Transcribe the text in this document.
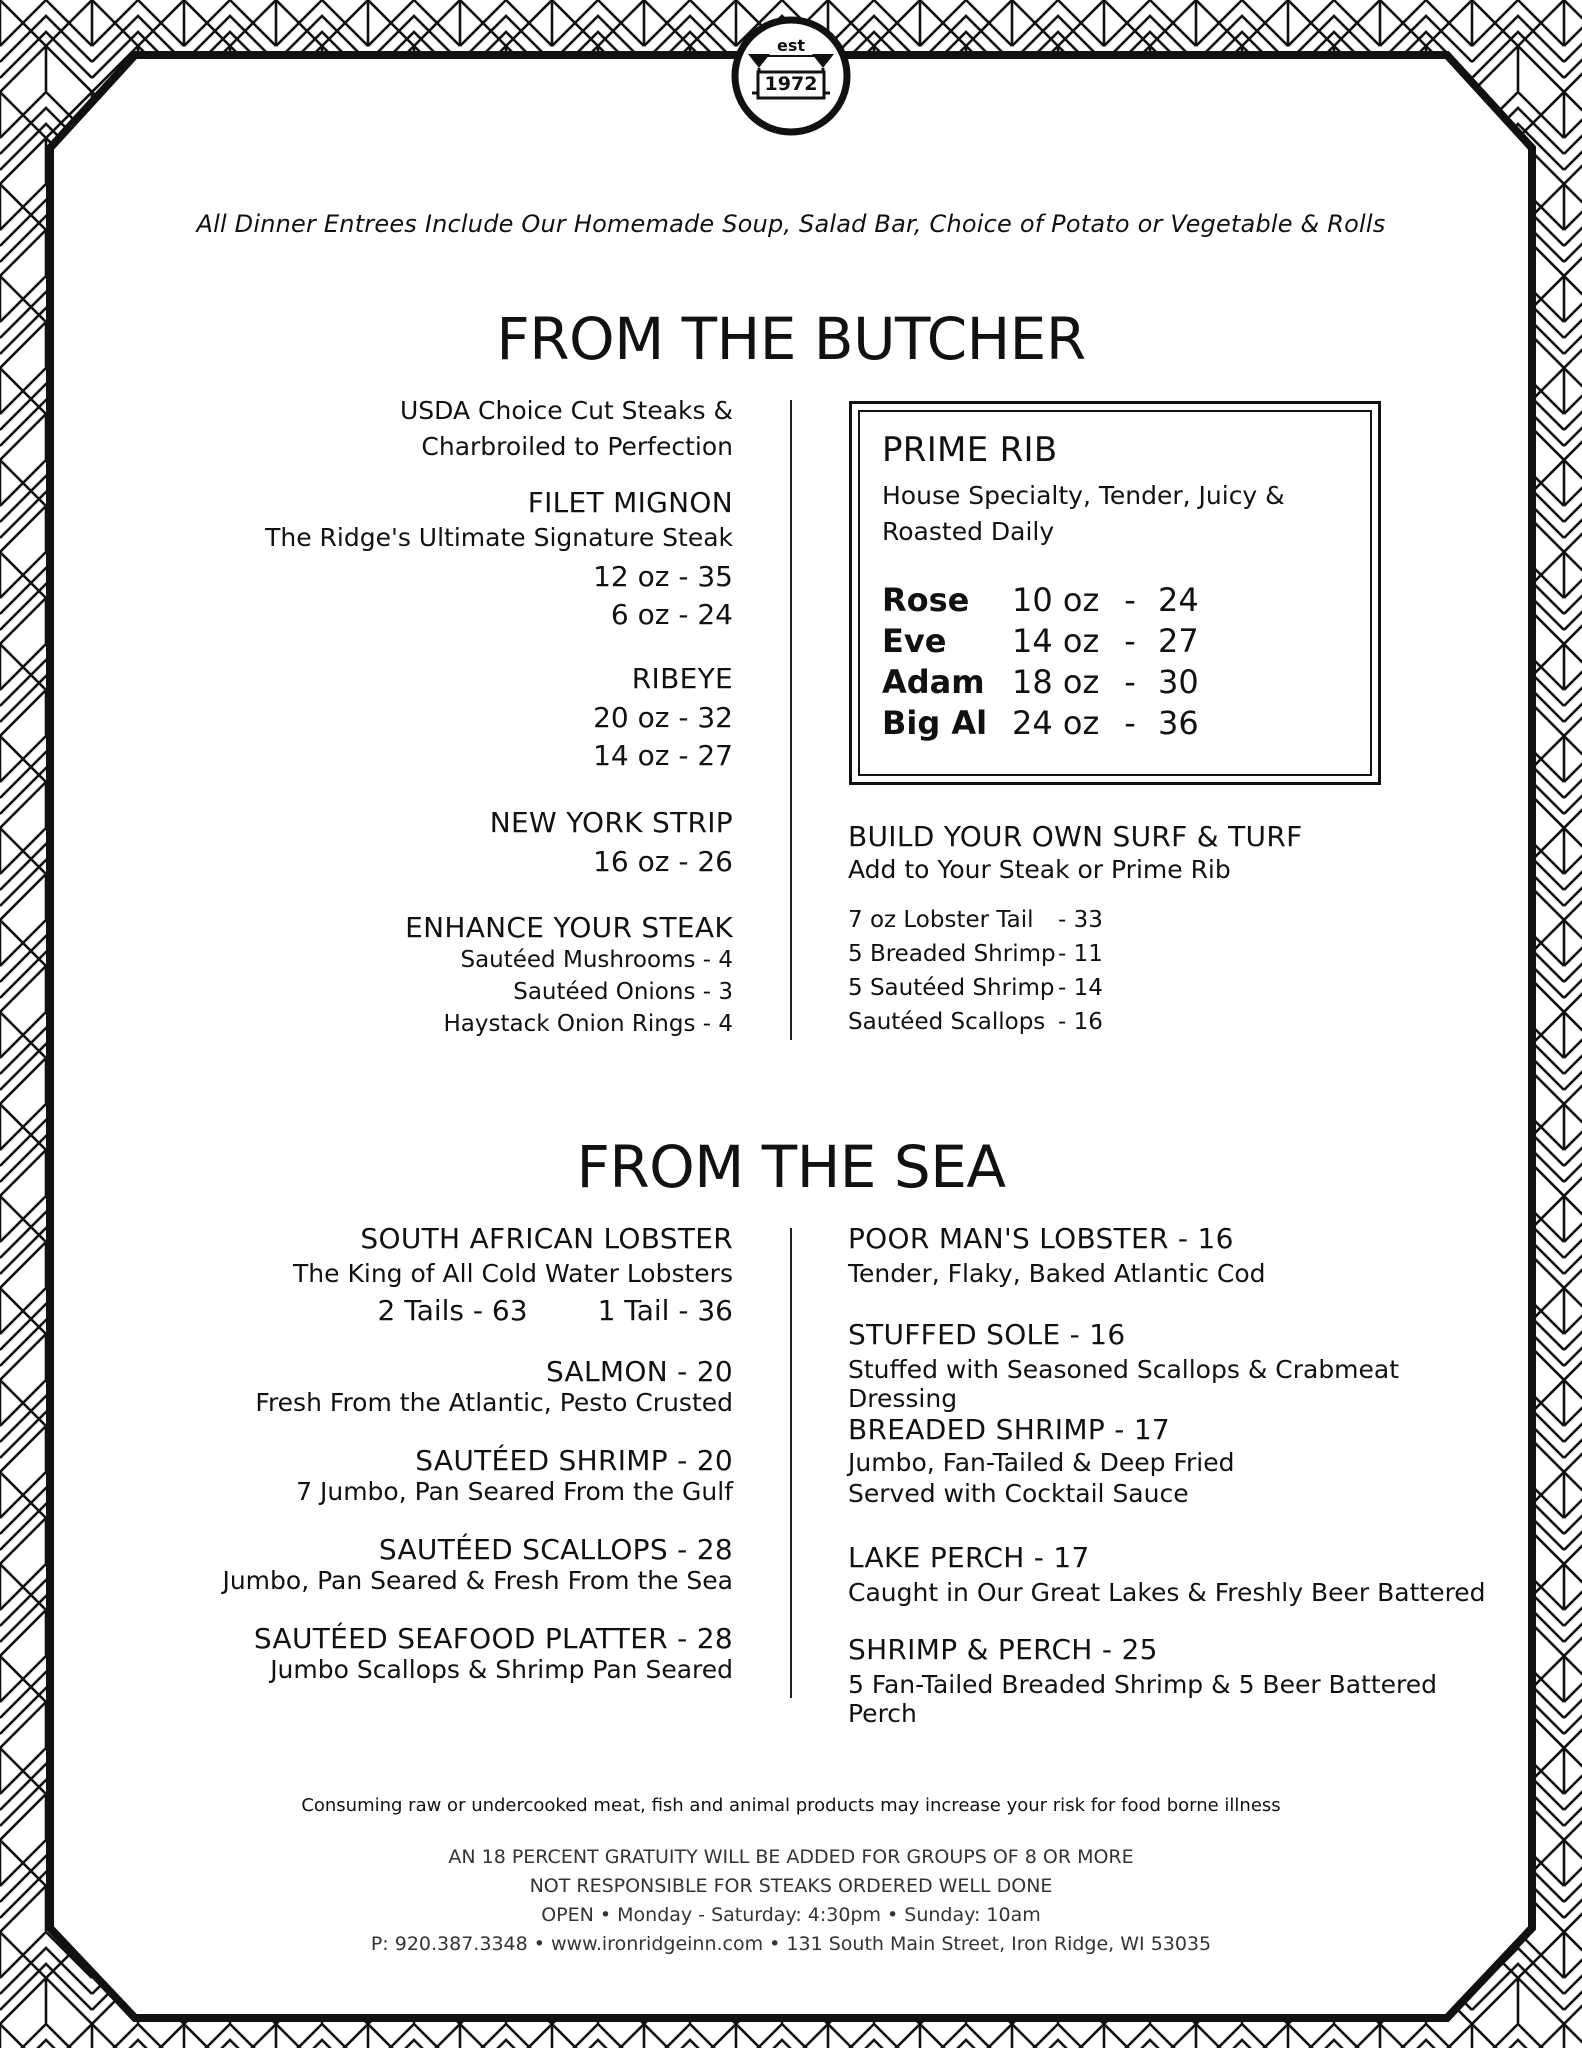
est
1972
All Dinner Entrees Include Our Homemade Soup, Salad Bar, Choice of Potato or Vegetable & Rolls
FROM THE BUTCHER
USDA Choice Cut Steaks &
Charbroiled to Perfection
FILET MIGNON
The Ridge's Ultimate Signature Steak
12 oz - 35
6 oz - 24
RIBEYE
20 oz - 32
14 oz - 27
NEW YORK STRIP
16 oz - 26
ENHANCE YOUR STEAK
Sautéed Mushrooms - 4
Sautéed Onions - 3
Haystack Onion Rings - 4
PRIME RIB
House Specialty, Tender, Juicy &
Roasted Daily
Rose	10 oz - 24
Eve	14 oz - 27
Adam 18 oz - 30
Big Al 24 oz - 36
BUILD YOUR OWN SURF & TURF
Add to Your Steak or Prime Rib
7 oz Lobster Tail	- 33
5 Breaded Shrimp - 11
5 Sautéed Shrimp - 14
Sautéed Scallops - 16
FROM THE SEA
SOUTH AFRICAN LOBSTER
The King of All Cold Water Lobsters
2 Tails - 63	1 Tail - 36
SALMON - 20
Fresh From the Atlantic, Pesto Crusted
SAUTÉED SHRIMP - 20
7 Jumbo, Pan Seared From the Gulf
SAUTÉED SCALLOPS - 28
Jumbo, Pan Seared & Fresh From the Sea
SAUTÉED SEAFOOD PLATTER - 28
Jumbo Scallops & Shrimp Pan Seared
POOR MAN'S LOBSTER - 16
Tender, Flaky, Baked Atlantic Cod
STUFFED SOLE - 16
Stuffed with Seasoned Scallops & Crabmeat Dressing
BREADED SHRIMP - 17
Jumbo, Fan-Tailed & Deep Fried
Served with Cocktail Sauce
LAKE PERCH - 17
Caught in Our Great Lakes & Freshly Beer Battered
SHRIMP & PERCH - 25
5 Fan-Tailed Breaded Shrimp & 5 Beer Battered Perch
Consuming raw or undercooked meat, fish and animal products may increase your risk for food borne illness
AN 18 PERCENT GRATUITY WILL BE ADDED FOR GROUPS OF 8 OR MORE
NOT RESPONSIBLE FOR STEAKS ORDERED WELL DONE
OPEN • Monday - Saturday: 4:30pm • Sunday: 10am
P: 920.387.3348 • www.ironridgeinn.com • 131 South Main Street, Iron Ridge, WI 53035
